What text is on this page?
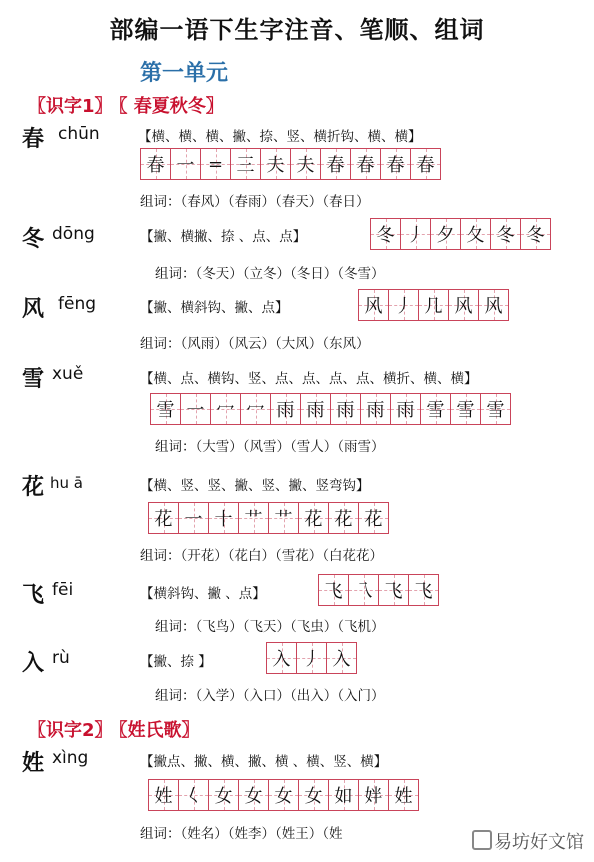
部编一语下生字注音、笔顺、组词
第一单元
〖识字1〗 〖 春夏秋冬〗
春 chūn	【横、横、横、撇、捺、竖、横折钩、横、横】
春 一 = 三 夫 夫 春 春 春 春
组词：（春风）（春雨）（春天）（春日）
冬 dōng	【撇、横撇、捺 、点、点】	冬 丿 夕 夂 冬 冬
组词：（冬天）（立冬）（冬日）（冬雪）
风 fēng	【撇、横斜钩、撇、点】	风 丿 几 风 风
组词：（风雨）（风云）（大风）（东风）
雪 xuě	【横、点、横钩、竖、点、点、点、点、横折、横、横】
雪 一 冖 冖 雨 雨 雨 雨 雨 雪 雪 雪
组词：（大雪）（风雪）（雪人）（雨雪）
花 hu ā	【横、竖、竖、撇、竖、撇、竖弯钩】
花 一 十 艹 艹 花 花 花
组词：（开花）（花白）（雪花）（白花花）
飞 fēi	【横斜钩、撇 、点】	飞 乁 飞 飞
组词：（飞鸟）（飞天）（飞虫）（飞机）
入 rù	【撇、捺 】	入 丿 入
组词：（入学）（入口）（出入）（入门）
〖识字2〗 〖姓氏歌〗
姓 xìng	【撇点、撇、横、撇、横 、横、竖、横】
姓 𡿨 女 女 女 女 如 姅 姓
组词：（姓名）（姓李）（姓王）（姓	易坊好文馆
